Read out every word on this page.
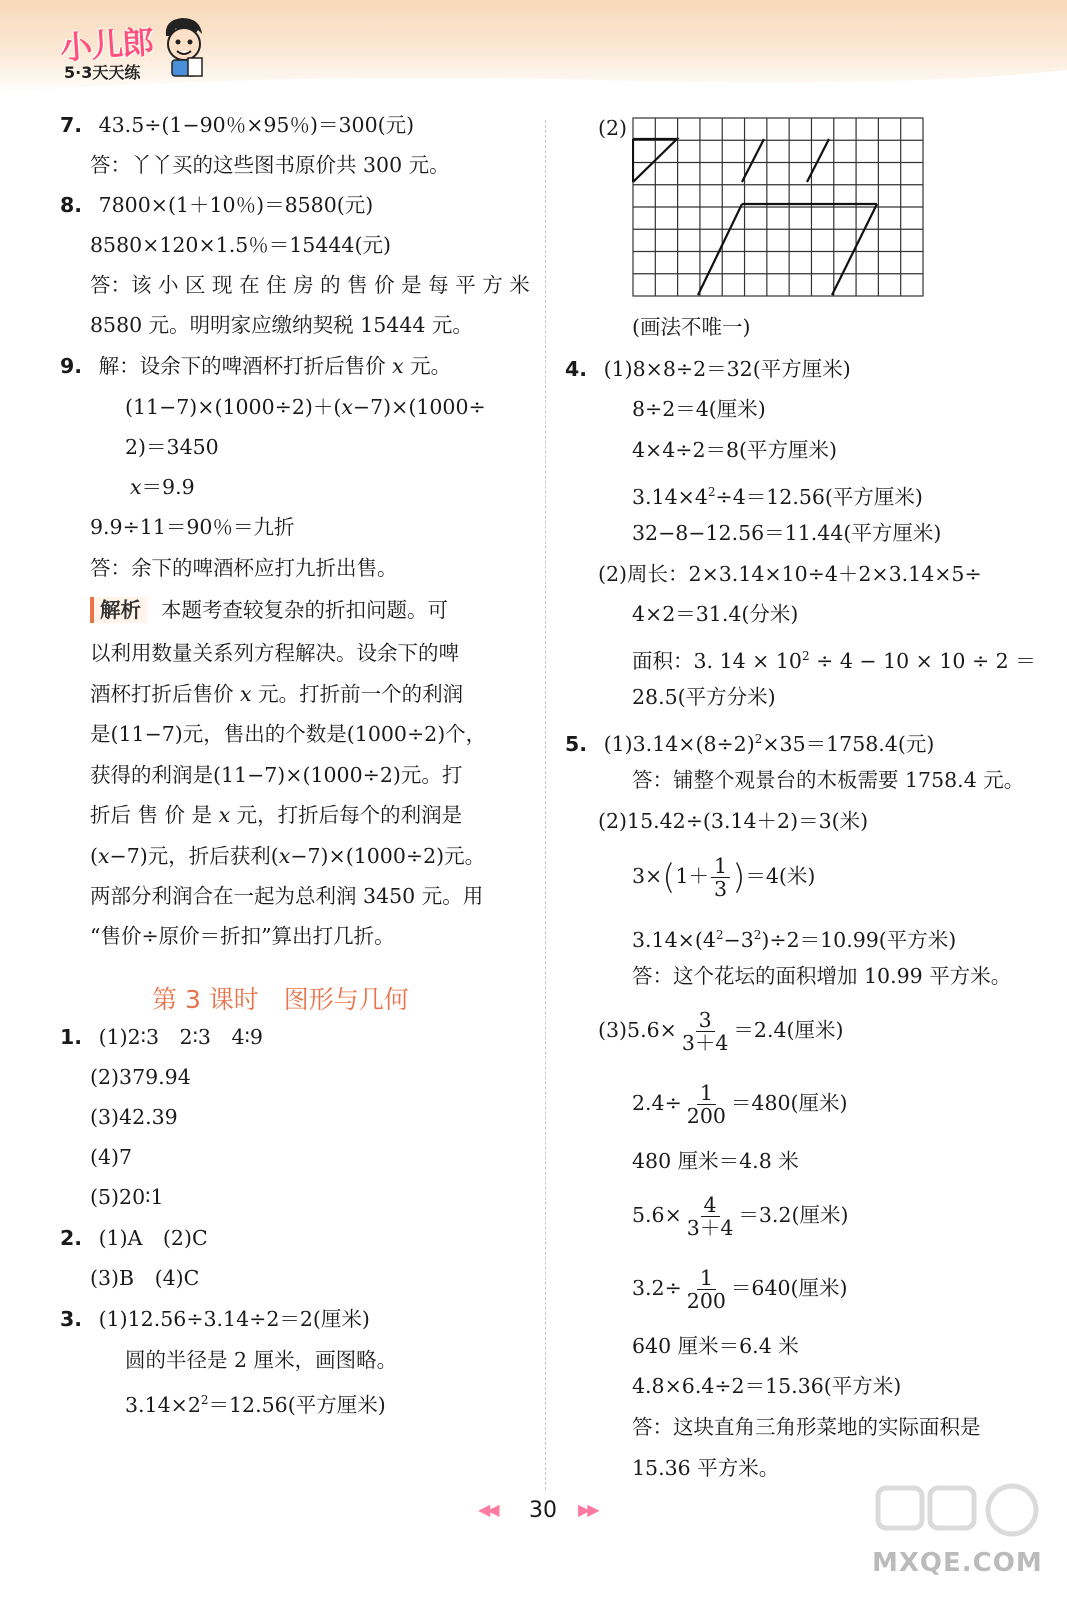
小儿郎
5·3天天练
7. 43.5÷(1−90％×95％)＝300(元)
答：丫丫买的这些图书原价共 300 元。
8. 7800×(1＋10％)＝8580(元)
8580×120×1.5％＝15444(元)
答：该 小 区 现 在 住 房 的 售 价 是 每 平 方 米
8580 元。明明家应缴纳契税 15444 元。
9. 解：设余下的啤酒杯打折后售价 𝑥 元。
(11−7)×(1000÷2)＋(𝑥−7)×(1000÷
2)＝3450
𝑥＝9.9
9.9÷11＝90％＝九折
答：余下的啤酒杯应打九折出售。
解析 本题考查较复杂的折扣问题。可
以利用数量关系列方程解决。设余下的啤
酒杯打折后售价 𝑥 元。打折前一个的利润
是(11−7)元，售出的个数是(1000÷2)个，
获得的利润是(11−7)×(1000÷2)元。打
折后 售 价 是 𝑥 元，打折后每个的利润是
(𝑥−7)元，折后获利(𝑥−7)×(1000÷2)元。
两部分利润合在一起为总利润 3450 元。用
“售价÷原价＝折扣”算出打几折。
第 3 课时　图形与几何
1. (1)2∶3　2∶3　4∶9
(2)379.94
(3)42.39
(4)7
(5)20∶1
2. (1)A　(2)C
(3)B　(4)C
3. (1)12.56÷3.14÷2＝2(厘米)
圆的半径是 2 厘米，画图略。
$3.14\times 2^2=12.56$(平方厘米)
(2)
(画法不唯一)
4. (1)8×8÷2＝32(平方厘米)
8÷2＝4(厘米)
4×4÷2＝8(平方厘米)
$3.14\times 4^2\div 4=12.56$(平方厘米)
32−8−12.56＝11.44(平方厘米)
(2)周长：2×3.14×10÷4＋2×3.14×5÷
4×2＝31.4(分米)
面积：3. $14 \times 10^2 \div 4 - 10 \times 10 \div 2$ ＝
28.5(平方分米)
5. $(1)3.14\times(8\div 2)^2\times 35=1758.4$(元)
答：铺整个观景台的木板需要 1758.4 元。
(2)15.42÷(3.14＋2)＝3(米)
$3\times(1+ \frac{1}{3} )=4$(米)
$3.14\times(4^2-3^2)\div 2=10.99$(平方米)
答：这个花坛的面积增加 10.99 平方米。
$(3)5.6\times \frac{3}{3+4} =2.4$(厘米)
$2.4\div \frac{1}{200} =480$(厘米)
480 厘米＝4.8 米
$5.6\times \frac{4}{3+4} =3.2$(厘米)
$3.2\div \frac{1}{200} =640$(厘米)
640 厘米＝6.4 米
4.8×6.4÷2＝15.36(平方米)
答：这块直角三角形菜地的实际面积是
15.36 平方米。
◀◀ 30 ▶▶
MXQE.COM
